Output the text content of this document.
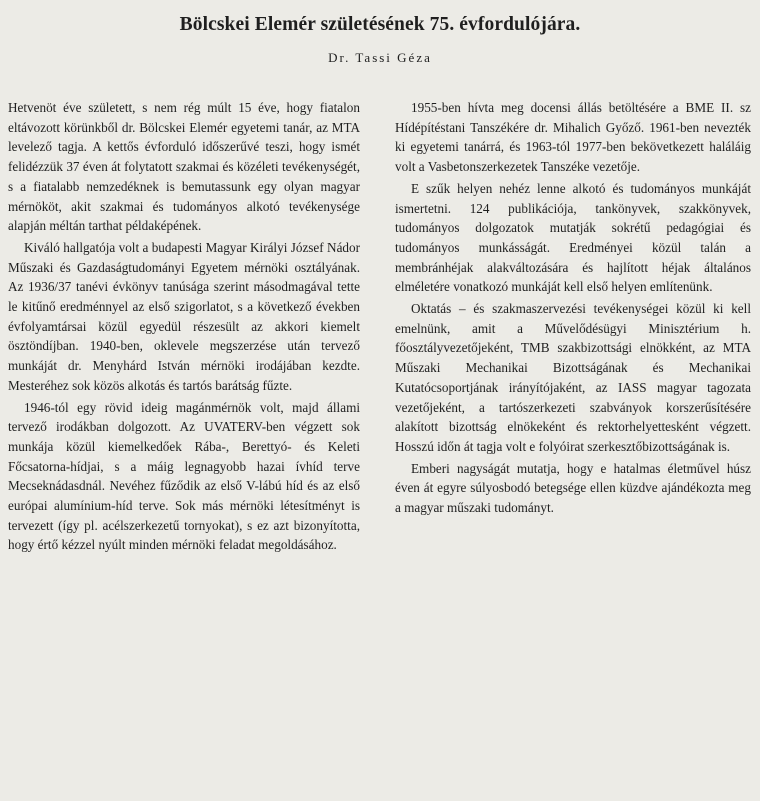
Bölcskei Elemér születésének 75. évfordulójára.
Dr. Tassi Géza

Hetvenöt éve született, s nem rég múlt 15 éve, hogy fiatalon eltávozott körünkből dr. Bölcskei Elemér egyetemi tanár, az MTA levelező tagja. A kettős évforduló időszerűvé teszi, hogy ismét felidézzük 37 éven át folytatott szakmai és közéleti tevékenységét, s a fiatalabb nemzedéknek is bemutassunk egy olyan magyar mérnököt, akit szakmai és tudományos alkotó tevékenysége alapján méltán tarthat példaképének.

Kiváló hallgatója volt a budapesti Magyar Királyi József Nádor Műszaki és Gazdaságtudományi Egyetem mérnöki osztályának. Az 1936/37 tanévi évkönyv tanúsága szerint másodmagával tette le kitűnő eredménnyel az első szigorlatot, s a következő években évfolyamtársai közül egyedül részesült az akkori kiemelt ösztöndíjban. 1940-ben, oklevele megszerzése után tervező munkáját dr. Menyhárd István mérnöki irodájában kezdte. Mesteréhez sok közös alkotás és tartós barátság fűzte.

1946-tól egy rövid ideig magánmérnök volt, majd állami tervező irodákban dolgozott. Az UVATERV-ben végzett sok munkája közül kiemelkedőek Rába-, Berettyó- és Keleti Főcsatorna-hídjai, s a máig legnagyobb hazai ívhíd terve Mecseknádasdnál. Nevéhez fűződik az első V-lábú híd és az első európai alumínium-híd terve. Sok más mérnöki létesítményt is tervezett (így pl. acélszerkezetű tornyokat), s ez azt bizonyította, hogy értő kézzel nyúlt minden mérnöki feladat megoldásához.

1955-ben hívta meg docensi állás betöltésére a BME II. sz Hídépítéstani Tanszékére dr. Mihalich Győző. 1961-ben nevezték ki egyetemi tanárrá, és 1963-tól 1977-ben bekövetkezett haláláig volt a Vasbetonszerkezetek Tanszéke vezetője.

E szűk helyen nehéz lenne alkotó és tudományos munkáját ismertetni. 124 publikációja, tankönyvek, szakkönyvek, tudományos dolgozatok mutatják sokrétű pedagógiai és tudományos munkásságát. Eredményei közül talán a membránhéjak alakváltozására és hajlított héjak általános elméletére vonatkozó munkáját kell első helyen említenünk.

Oktatás – és szakmaszervezési tevékenységei közül ki kell emelnünk, amit a Művelődésügyi Minisztérium h. főosztályvezetőjeként, TMB szakbizottsági elnökként, az MTA Műszaki Mechanikai Bizottságának és Mechanikai Kutatócsoportjának irányítójaként, az IASS magyar tagozata vezetőjeként, a tartószerkezeti szabványok korszerűsítésére alakított bizottság elnökeként és rektorhelyettesként végzett. Hosszú időn át tagja volt e folyóirat szerkesztőbizottságának is.

Emberi nagyságát mutatja, hogy e hatalmas életművel húsz éven át egyre súlyosbodó betegsége ellen küzdve ajándékozta meg a magyar műszaki tudományt.
